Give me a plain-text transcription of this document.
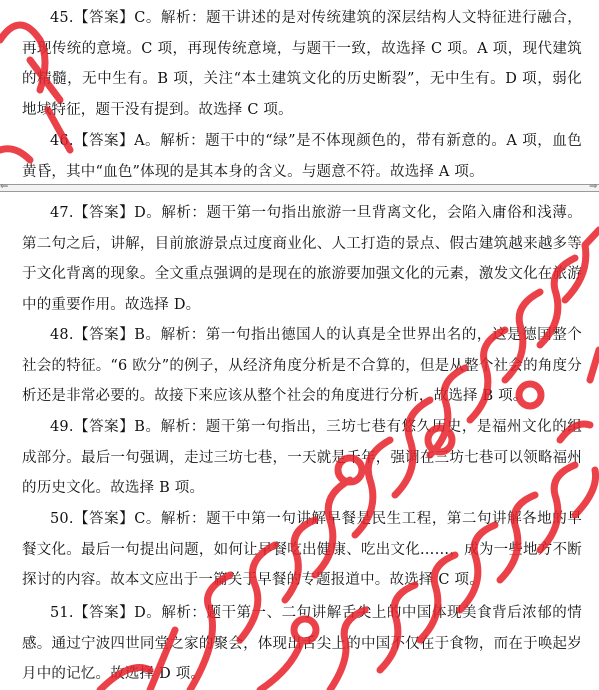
45.【答案】C。解析：题干讲述的是对传统建筑的深层结构人文特征进行融合，再现传统的意境。C 项，再现传统意境，与题干一致，故选择 C 项。A 项，现代建筑的精髓，无中生有。B 项，关注“本土建筑文化的历史断裂”，无中生有。D 项，弱化地域特征，题干没有提到。故选择 C 项。
46.【答案】A。解析：题干中的“绿”是不体现颜色的，带有新意的。A 项，血色黄昏，其中“血色”体现的是其本身的含义。与题意不符。故选择 A 项。
⇐	⇒
47.【答案】D。解析：题干第一句指出旅游一旦背离文化，会陷入庸俗和浅薄。第二句之后，讲解，目前旅游景点过度商业化、人工打造的景点、假古建筑越来越多等于文化背离的现象。全文重点强调的是现在的旅游要加强文化的元素，激发文化在旅游中的重要作用。故选择 D。
48.【答案】B。解析：第一句指出德国人的认真是全世界出名的，这是德国整个社会的特征。“6 欧分”的例子，从经济角度分析是不合算的，但是从整个社会的角度分析还是非常必要的。故接下来应该从整个社会的角度进行分析，故选择 B 项。
49.【答案】B。解析：题干第一句指出，三坊七巷有悠久历史，是福州文化的组成部分。最后一句强调，走过三坊七巷，一天就是千年，强调在三坊七巷可以领略福州的历史文化。故选择 B 项。
50.【答案】C。解析：题干中第一句讲解早餐是民生工程，第二句讲解各地的早餐文化。最后一句提出问题，如何让早餐吃出健康、吃出文化……，成为一些地方不断探讨的内容。故本文应出于一篇关于早餐的专题报道中。故选择 C 项。
51.【答案】D。解析：题干第一、二句讲解舌尖上的中国体现美食背后浓郁的情感。通过宁波四世同堂之家的聚会，体现出舌尖上的中国不仅在于食物，而在于唤起岁月中的记忆。故选择 D 项。
